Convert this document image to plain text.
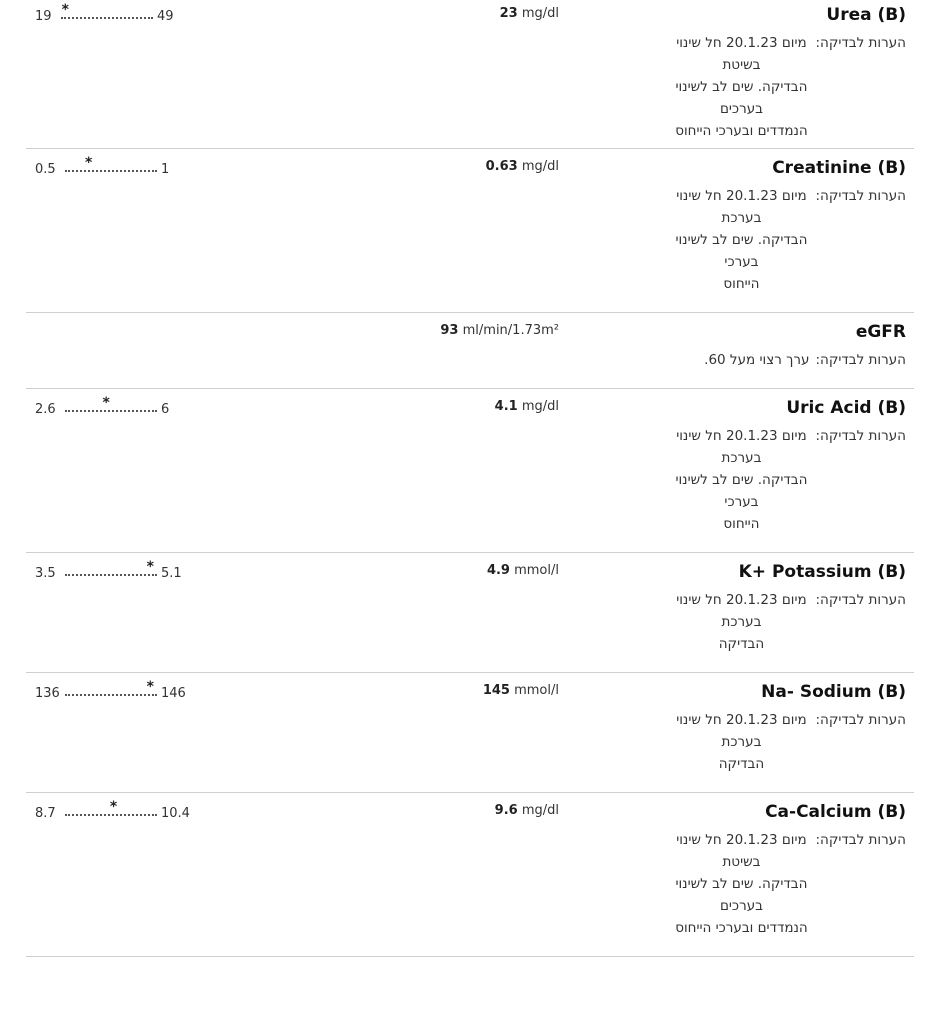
Urea (B)
הערות לבדיקה:
מיום 20.1.23 חל שינוי
בשיטת
הבדיקה. שים לב לשינוי
בערכים
הנמדדים ובערכי הייחוס
23 mg/dl
19 *	49
Creatinine (B)
הערות לבדיקה:
מיום 20.1.23 חל שינוי
בערכת
הבדיקה. שים לב לשינוי
בערכי
הייחוס
0.63 mg/dl
0.5 *	1
eGFR
הערות לבדיקה:
ערך רצוי מעל 60.
93 ml/min/1.73m²
Uric Acid (B)
הערות לבדיקה:
מיום 20.1.23 חל שינוי
בערכת
הבדיקה. שים לב לשינוי
בערכי
הייחוס
4.1 mg/dl
2.6	*	6
K+ Potassium (B)
הערות לבדיקה:
מיום 20.1.23 חל שינוי
בערכת
הבדיקה
4.9 mmol/l
3.5	* 5.1
Na- Sodium (B)
הערות לבדיקה:
מיום 20.1.23 חל שינוי
בערכת
הבדיקה
145 mmol/l
136	* 146
Ca-Calcium (B)
הערות לבדיקה:
מיום 20.1.23 חל שינוי
בשיטת
הבדיקה. שים לב לשינוי
בערכים
הנמדדים ובערכי הייחוס
9.6 mg/dl
8.7	*	10.4
